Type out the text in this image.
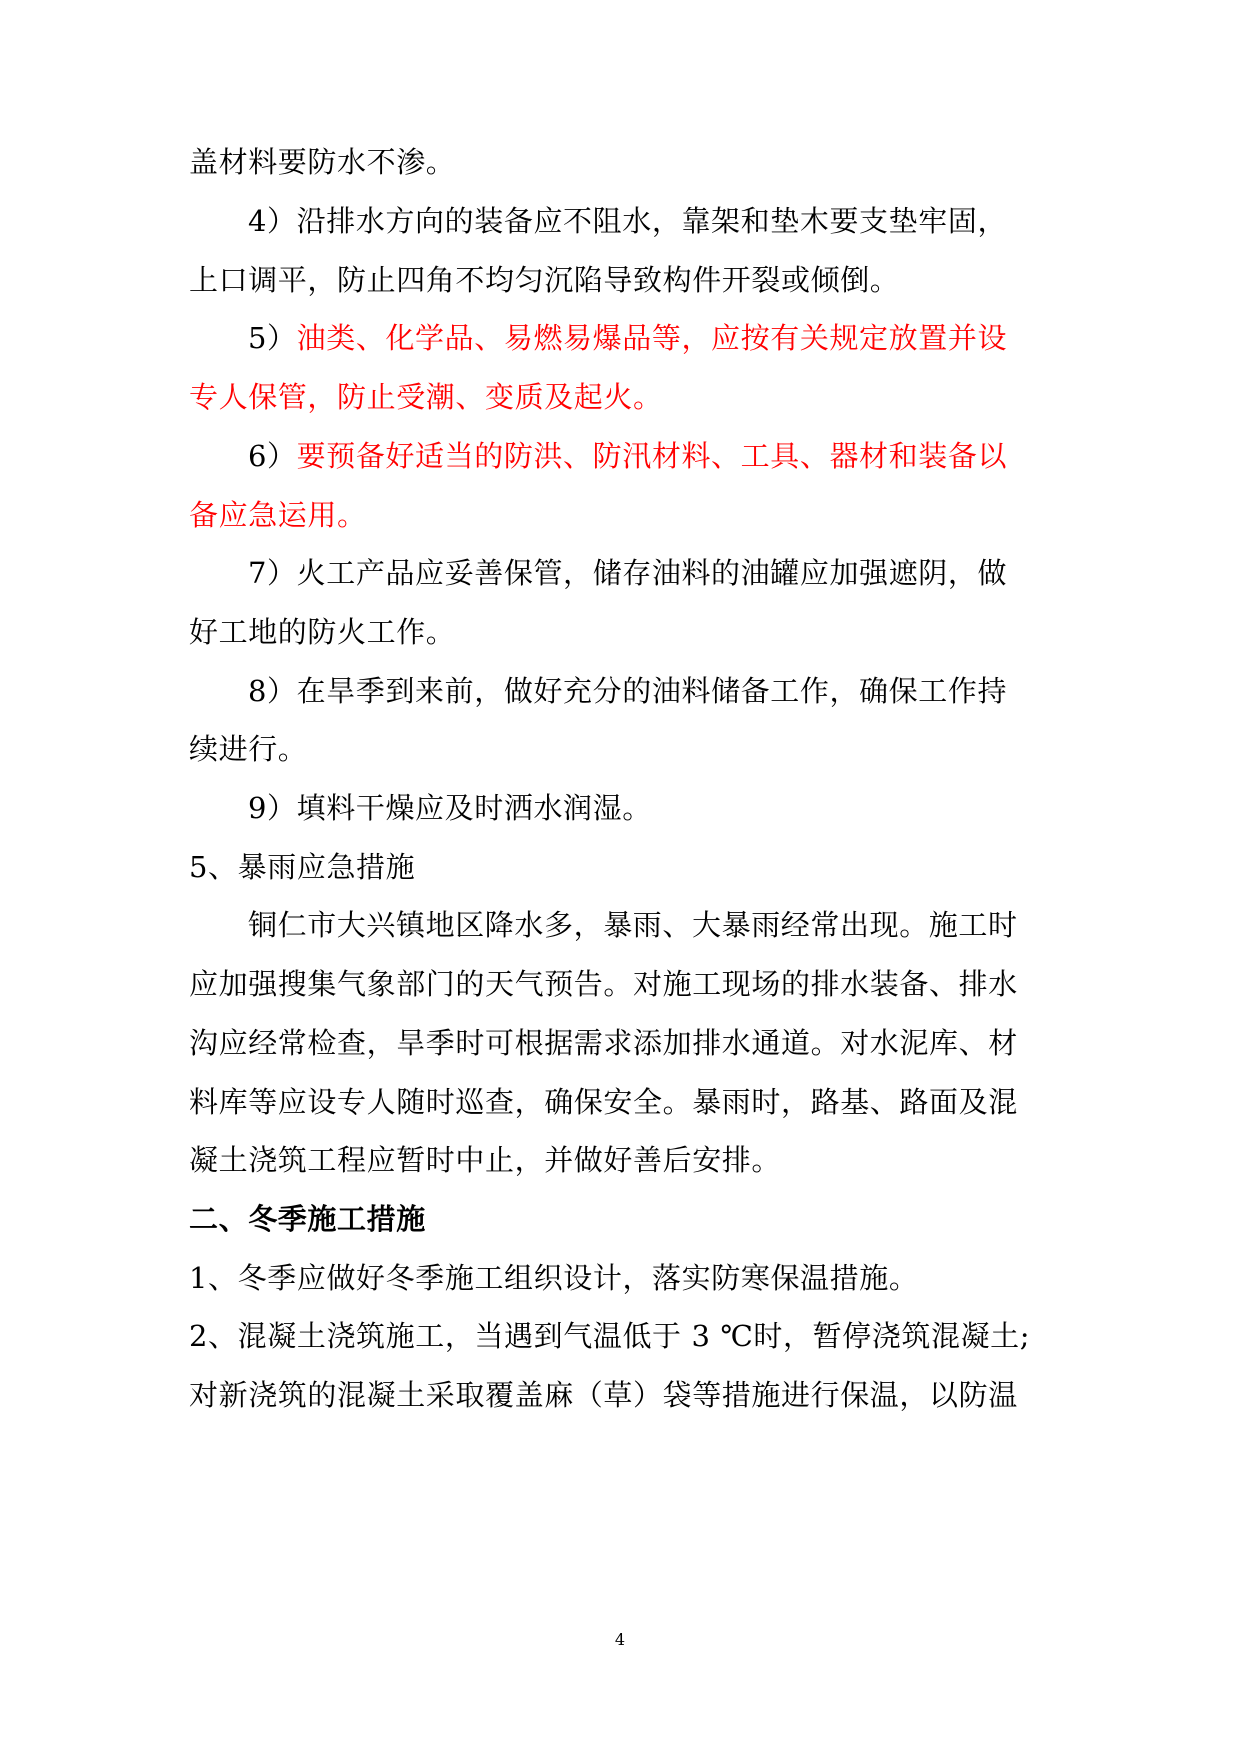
盖材料要防水不渗。
4）沿排水方向的装备应不阻水，靠架和垫木要支垫牢固，
上口调平，防止四角不均匀沉陷导致构件开裂或倾倒。
5）油类、化学品、易燃易爆品等，应按有关规定放置并设
专人保管，防止受潮、变质及起火。
6）要预备好适当的防洪、防汛材料、工具、器材和装备以
备应急运用。
7）火工产品应妥善保管，储存油料的油罐应加强遮阴，做
好工地的防火工作。
8）在旱季到来前，做好充分的油料储备工作，确保工作持
续进行。
9）填料干燥应及时洒水润湿。
5、暴雨应急措施
铜仁市大兴镇地区降水多，暴雨、大暴雨经常出现。施工时
应加强搜集气象部门的天气预告。对施工现场的排水装备、排水
沟应经常检查，旱季时可根据需求添加排水通道。对水泥库、材
料库等应设专人随时巡查，确保安全。暴雨时，路基、路面及混
凝土浇筑工程应暂时中止，并做好善后安排。
二、冬季施工措施
1、冬季应做好冬季施工组织设计，落实防寒保温措施。
2、混凝土浇筑施工，当遇到气温低于 3 ℃时，暂停浇筑混凝土;
对新浇筑的混凝土采取覆盖麻（草）袋等措施进行保温，以防温
4
